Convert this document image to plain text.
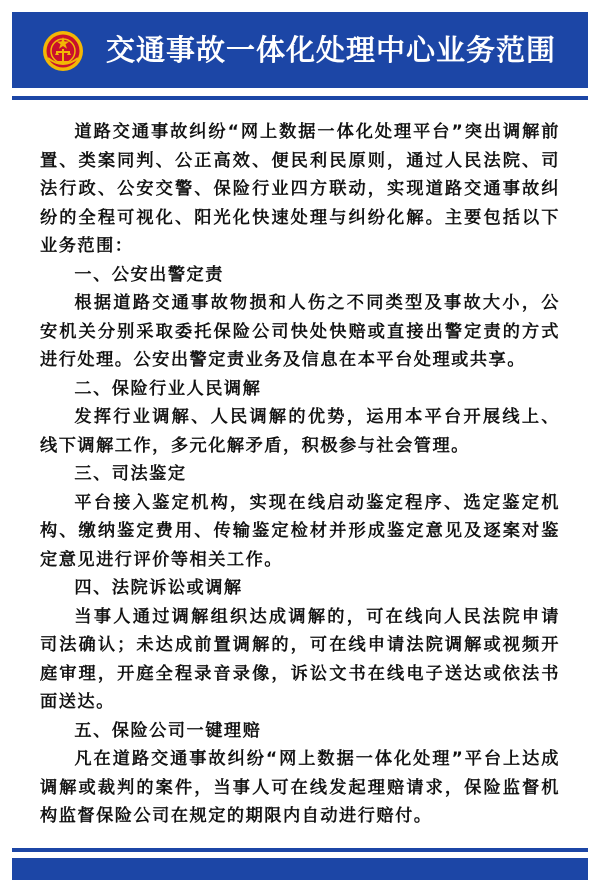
交通事故一体化处理中心业务范围

道路交通事故纠纷“网上数据一体化处理平台”突出调解前置、类案同判、公正高效、便民利民原则，通过人民法院、司法行政、公安交警、保险行业四方联动，实现道路交通事故纠纷的全程可视化、阳光化快速处理与纠纷化解。主要包括以下业务范围：

一、公安出警定责

根据道路交通事故物损和人伤之不同类型及事故大小，公安机关分别采取委托保险公司快处快赔或直接出警定责的方式进行处理。公安出警定责业务及信息在本平台处理或共享。

二、保险行业人民调解

发挥行业调解、人民调解的优势，运用本平台开展线上、线下调解工作，多元化解矛盾，积极参与社会管理。

三、司法鉴定

平台接入鉴定机构，实现在线启动鉴定程序、选定鉴定机构、缴纳鉴定费用、传输鉴定检材并形成鉴定意见及逐案对鉴定意见进行评价等相关工作。

四、法院诉讼或调解

当事人通过调解组织达成调解的，可在线向人民法院申请司法确认；未达成前置调解的，可在线申请法院调解或视频开庭审理，开庭全程录音录像，诉讼文书在线电子送达或依法书面送达。

五、保险公司一键理赔

凡在道路交通事故纠纷“网上数据一体化处理”平台上达成调解或裁判的案件，当事人可在线发起理赔请求，保险监督机构监督保险公司在规定的期限内自动进行赔付。
